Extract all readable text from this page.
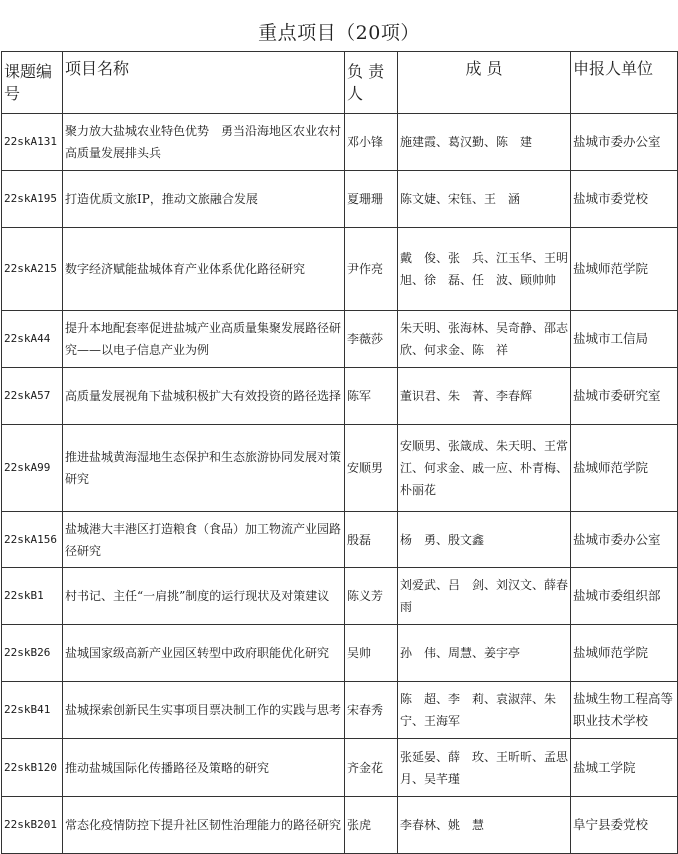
重点项目（20项）
课题编号	项目名称	负 责 人	成 员	申报人单位
22skA131	聚力放大盐城农业特色优势　勇当沿海地区农业农村高质量发展排头兵	邓小锋	施建霞、葛汉勤、陈　建	盐城市委办公室
22skA195	打造优质文旅IP，推动文旅融合发展	夏珊珊	陈文婕、宋钰、王　涵	盐城市委党校
22skA215	数字经济赋能盐城体育产业体系优化路径研究	尹作亮	戴　俊、张　兵、江玉华、王明旭、徐　磊、任　波、顾帅帅	盐城师范学院
22skA44	提升本地配套率促进盐城产业高质量集聚发展路径研究——以电子信息产业为例	李薇莎	朱天明、张海林、吴奇静、邵志欣、何求金、陈　祥	盐城市工信局
22skA57	高质量发展视角下盐城积极扩大有效投资的路径选择	陈军	董识君、朱　菁、李春辉	盐城市委研究室
22skA99	推进盐城黄海湿地生态保护和生态旅游协同发展对策研究	安顺男	安顺男、张箴成、朱天明、王常江、何求金、戚一应、朴青梅、朴丽花	盐城师范学院
22skA156	盐城港大丰港区打造粮食（食品）加工物流产业园路径研究	殷磊	杨　勇、殷文鑫	盐城市委办公室
22skB1	村书记、主任“一肩挑”制度的运行现状及对策建议	陈义芳	刘爱武、吕　剑、刘汉文、薛春雨	盐城市委组织部
22skB26	盐城国家级高新产业园区转型中政府职能优化研究	吴帅	孙　伟、周慧、姜宇亭	盐城师范学院
22skB41	盐城探索创新民生实事项目票决制工作的实践与思考	宋春秀	陈　超、李　莉、袁淑萍、朱　宁、王海军	盐城生物工程高等职业技术学校
22skB120	推动盐城国际化传播路径及策略的研究	齐金花	张延晏、薛　玫、王昕昕、孟思月、吴芊瑾	盐城工学院
22skB201	常态化疫情防控下提升社区韧性治理能力的路径研究	张虎	李春林、姚　慧	阜宁县委党校
